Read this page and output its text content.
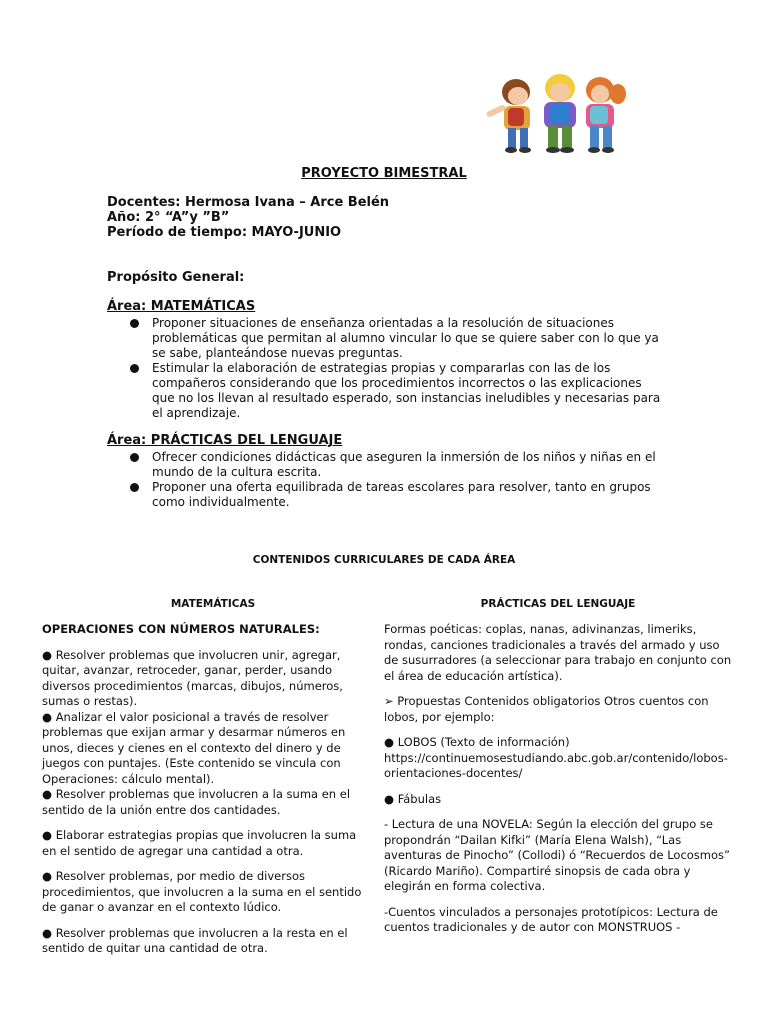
PROYECTO BIMESTRAL
Docentes: Hermosa Ivana – Arce Belén
Año: 2° “A”y ”B”
Período de tiempo: MAYO-JUNIO
Propósito General:
Área: MATEMÁTICAS
Proponer situaciones de enseñanza orientadas a la resolución de situaciones problemáticas que permitan al alumno vincular lo que se quiere saber con lo que ya se sabe, planteándose nuevas preguntas.
Estimular la elaboración de estrategias propias y compararlas con las de los compañeros considerando que los procedimientos incorrectos o las explicaciones que no los llevan al resultado esperado, son instancias ineludibles y necesarias para el aprendizaje.
Área: PRÁCTICAS DEL LENGUAJE
Ofrecer condiciones didácticas que aseguren la inmersión de los niños y niñas en el mundo de la cultura escrita.
Proponer una oferta equilibrada de tareas escolares para resolver, tanto en grupos como individualmente.
CONTENIDOS CURRICULARES DE CADA ÁREA
MATEMÁTICAS	PRÁCTICAS DEL LENGUAJE

OPERACIONES CON NÚMEROS NATURALES:

● Resolver problemas que involucren unir, agregar, quitar, avanzar, retroceder, ganar, perder, usando diversos procedimientos (marcas, dibujos, números, sumas o restas).

● Analizar el valor posicional a través de resolver problemas que exijan armar y desarmar números en unos, dieces y cienes en el contexto del dinero y de juegos con puntajes. (Este contenido se vincula con Operaciones: cálculo mental).

● Resolver problemas que involucren a la suma en el sentido de la unión entre dos cantidades.

● Elaborar estrategias propias que involucren la suma en el sentido de agregar una cantidad a otra.

● Resolver problemas, por medio de diversos procedimientos, que involucren a la suma en el sentido de ganar o avanzar en el contexto lúdico.

● Resolver problemas que involucren a la resta en el sentido de quitar una cantidad de otra.

Formas poéticas: coplas, nanas, adivinanzas, limeriks, rondas, canciones tradicionales a través del armado y uso de susurradores (a seleccionar para trabajo en conjunto con el área de educación artística).

➢ Propuestas Contenidos obligatorios Otros cuentos con lobos, por ejemplo:

● LOBOS (Texto de información) https://continuemosestudiando.abc.gob.ar/contenido/lobos-orientaciones-docentes/

● Fábulas

- Lectura de una NOVELA: Según la elección del grupo se propondrán “Dailan Kifki” (María Elena Walsh), “Las aventuras de Pinocho” (Collodi) ó “Recuerdos de Locosmos” (Ricardo Mariño). Compartiré sinopsis de cada obra y elegirán en forma colectiva.

-Cuentos vinculados a personajes prototípicos: Lectura de cuentos tradicionales y de autor con MONSTRUOS -
